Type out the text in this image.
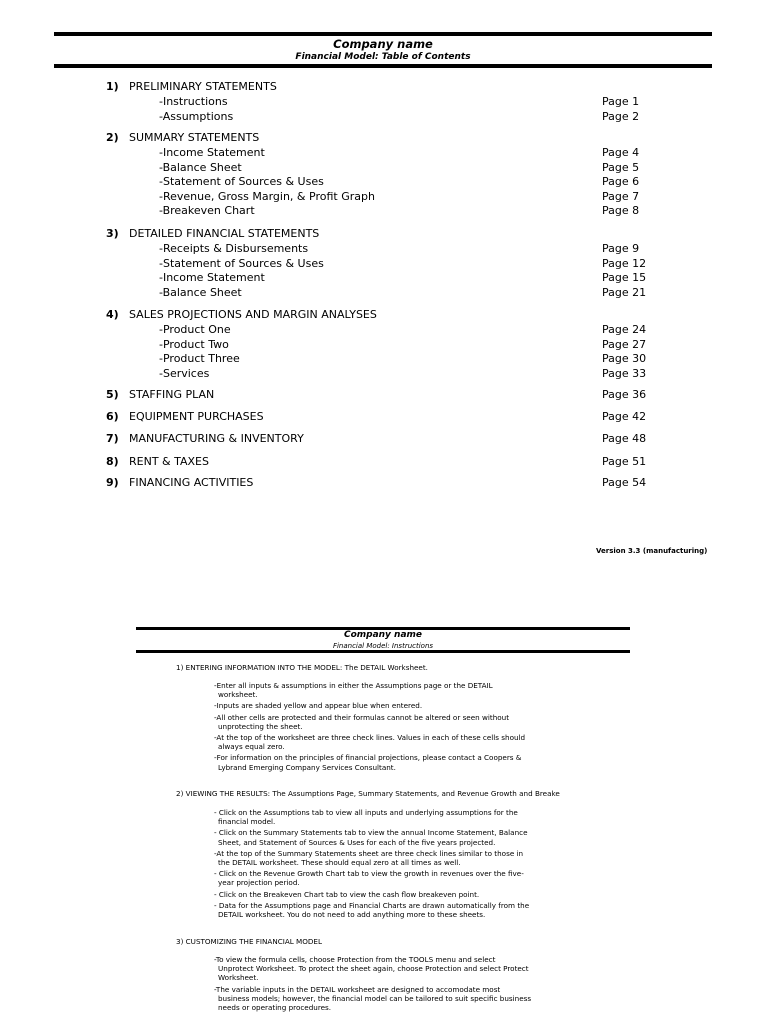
Company name
Financial Model: Table of Contents
1) PRELIMINARY STATEMENTS
-Instructions	Page 1
-Assumptions	Page 2
2) SUMMARY STATEMENTS
-Income Statement	Page 4
-Balance Sheet	Page 5
-Statement of Sources & Uses	Page 6
-Revenue, Gross Margin, & Profit Graph	Page 7
-Breakeven Chart	Page 8
3) DETAILED FINANCIAL STATEMENTS
-Receipts & Disbursements	Page 9
-Statement of Sources & Uses	Page 12
-Income Statement	Page 15
-Balance Sheet	Page 21
4) SALES PROJECTIONS AND MARGIN ANALYSES
-Product One	Page 24
-Product Two	Page 27
-Product Three	Page 30
-Services	Page 33
5) STAFFING PLAN	Page 36
6) EQUIPMENT PURCHASES	Page 42
7) MANUFACTURING & INVENTORY	Page 48
8) RENT & TAXES	Page 51
9) FINANCING ACTIVITIES	Page 54
Version 3.3 (manufacturing)
Company name
Financial Model: Instructions
1) ENTERING INFORMATION INTO THE MODEL: The DETAIL Worksheet.
-Enter all inputs & assumptions in either the Assumptions page or the DETAIL
worksheet.
-Inputs are shaded yellow and appear blue when entered.
-All other cells are protected and their formulas cannot be altered or seen without
unprotecting the sheet.
-At the top of the worksheet are three check lines. Values in each of these cells should
always equal zero.
-For information on the principles of financial projections, please contact a Coopers &
Lybrand Emerging Company Services Consultant.
2) VIEWING THE RESULTS: The Assumptions Page, Summary Statements, and Revenue Growth and Breake
- Click on the Assumptions tab to view all inputs and underlying assumptions for the
financial model.
- Click on the Summary Statements tab to view the annual Income Statement, Balance
Sheet, and Statement of Sources & Uses for each of the five years projected.
-At the top of the Summary Statements sheet are three check lines similar to those in
the DETAIL worksheet. These should equal zero at all times as well.
- Click on the Revenue Growth Chart tab to view the growth in revenues over the five-
year projection period.
- Click on the Breakeven Chart tab to view the cash flow breakeven point.
- Data for the Assumptions page and Financial Charts are drawn automatically from the
DETAIL worksheet. You do not need to add anything more to these sheets.
3) CUSTOMIZING THE FINANCIAL MODEL
-To view the formula cells, choose Protection from the TOOLS menu and select
Unprotect Worksheet. To protect the sheet again, choose Protection and select Protect
Worksheet.
-The variable inputs in the DETAIL worksheet are designed to accomodate most
business models; however, the financial model can be tailored to suit specific business
needs or operating procedures.
